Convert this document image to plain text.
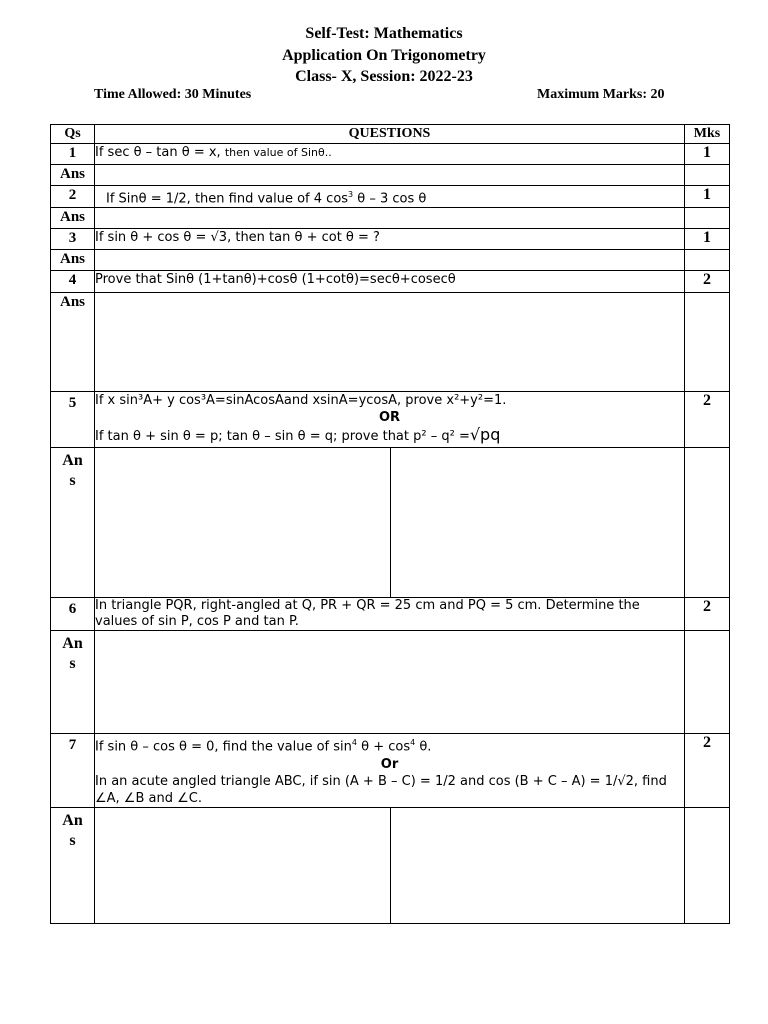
Self-Test: Mathematics
Application On Trigonometry
Class- X, Session: 2022-23
Time Allowed: 30 Minutes	Maximum Marks: 20
Qs	QUESTIONS	Mks
1	If sec θ – tan θ = x, then value of Sinθ..	1
Ans		
2	If Sinθ = 1/2, then find value of 4 $\cos^3 \theta - 3$ cos θ	1
Ans		
3	If sin θ + cos θ = √3, then tan θ + cot θ = ?	1
Ans		
4	Prove that Sinθ (1+tanθ)+cosθ (1+cotθ)=secθ+cosecθ	2
Ans		
5	If x sin³A+ y cos³A=sinAcosAand xsinA=ycosA, prove x²+y²=1.
OR
If tan θ + sin θ = p; tan θ – sin θ = q; prove that p² – q² =√pq	2
An
s	

6	In triangle PQR, right-angled at Q, PR + QR = 25 cm and PQ = 5 cm. Determine the values of sin P, cos P and tan P.	2
An
s		
7	If sin θ – cos θ = 0, find the value of $\sin^4 \theta + \cos^4 \theta$.
Or
In an acute angled triangle ABC, if sin (A + B – C) = 1/2 and cos (B + C – A) = 1/√2, find ∠A, ∠B and ∠C.	2
An
s	
